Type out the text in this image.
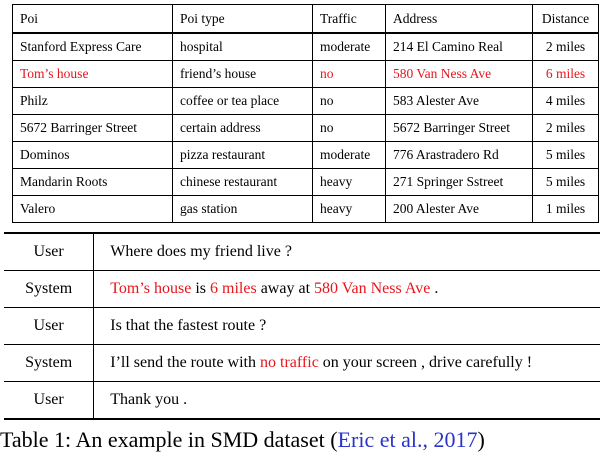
Poi	Poi type	Traffic	Address	Distance
Stanford Express Care	hospital	moderate	214 El Camino Real	2 miles
Tom’s house	friend’s house	no	580 Van Ness Ave	6 miles
Philz	coffee or tea place	no	583 Alester Ave	4 miles
5672 Barringer Street	certain address	no	5672 Barringer Street	2 miles
Dominos	pizza restaurant	moderate	776 Arastradero Rd	5 miles
Mandarin Roots	chinese restaurant	heavy	271 Springer Sstreet	5 miles
Valero	gas station	heavy	200 Alester Ave	1 miles
User	Where does my friend live ?
System	Tom’s house is 6 miles away at 580 Van Ness Ave .
User	Is that the fastest route ?
System	I’ll send the route with no traffic on your screen , drive carefully !
User	Thank you .
Table 1: An example in SMD dataset (Eric et al., 2017)
